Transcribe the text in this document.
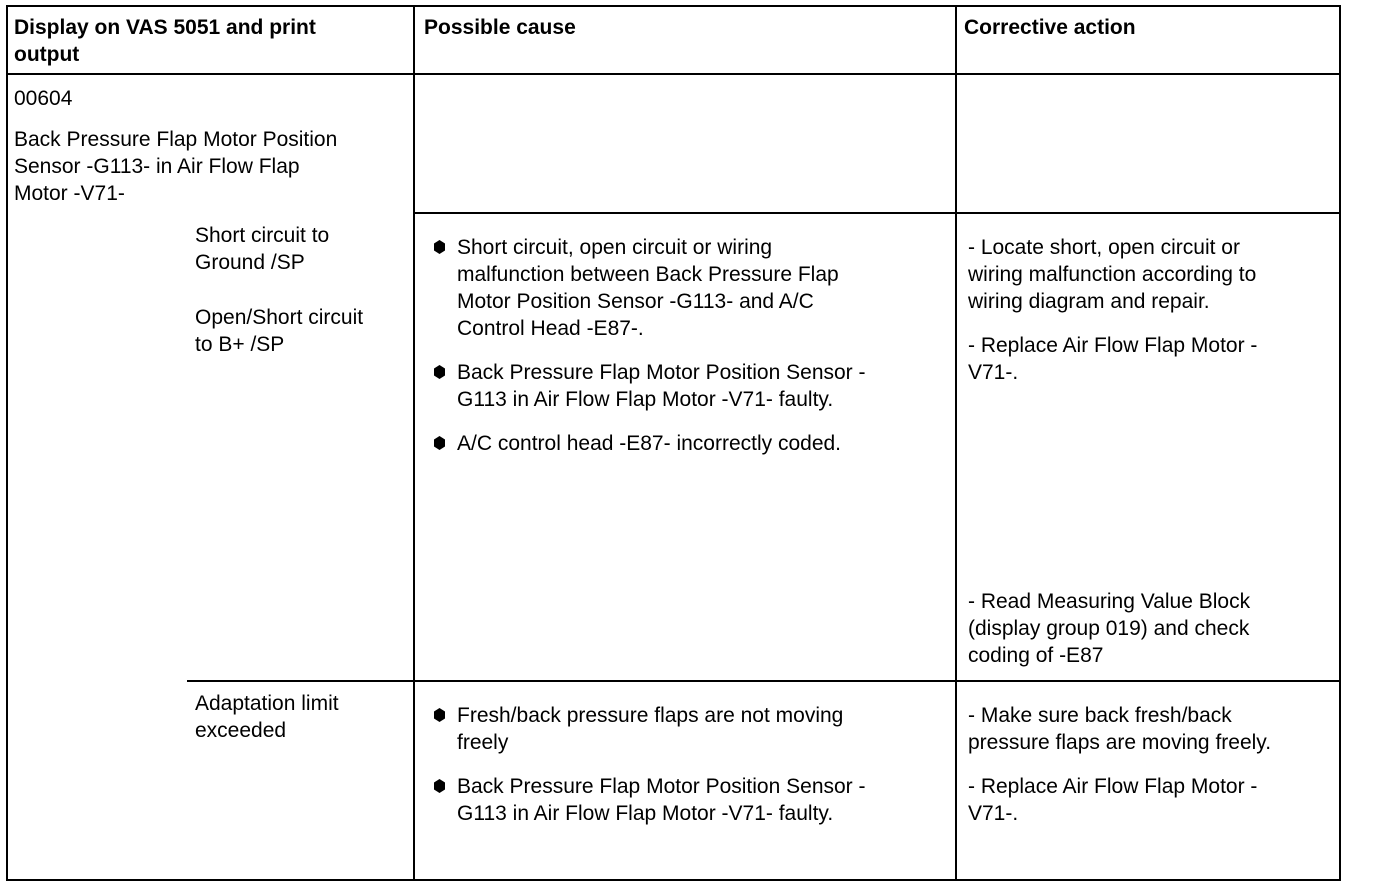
Display on VAS 5051 and print
output
Possible cause	Corrective action
00604
Back Pressure Flap Motor Position
Sensor -G113- in Air Flow Flap
Motor -V71-
Short circuit to
Ground /SP
Open/Short circuit
to B+ /SP
Short circuit, open circuit or wiring
malfunction between Back Pressure Flap
Motor Position Sensor -G113- and A/C
Control Head -E87-.
Back Pressure Flap Motor Position Sensor -
G113 in Air Flow Flap Motor -V71- faulty.
A/C control head -E87- incorrectly coded.
- Locate short, open circuit or
wiring malfunction according to
wiring diagram and repair.
- Replace Air Flow Flap Motor -
V71-.
- Read Measuring Value Block
(display group 019) and check
coding of -E87
Adaptation limit
exceeded
Fresh/back pressure flaps are not moving
freely
Back Pressure Flap Motor Position Sensor -
G113 in Air Flow Flap Motor -V71- faulty.
- Make sure back fresh/back
pressure flaps are moving freely.
- Replace Air Flow Flap Motor -
V71-.
